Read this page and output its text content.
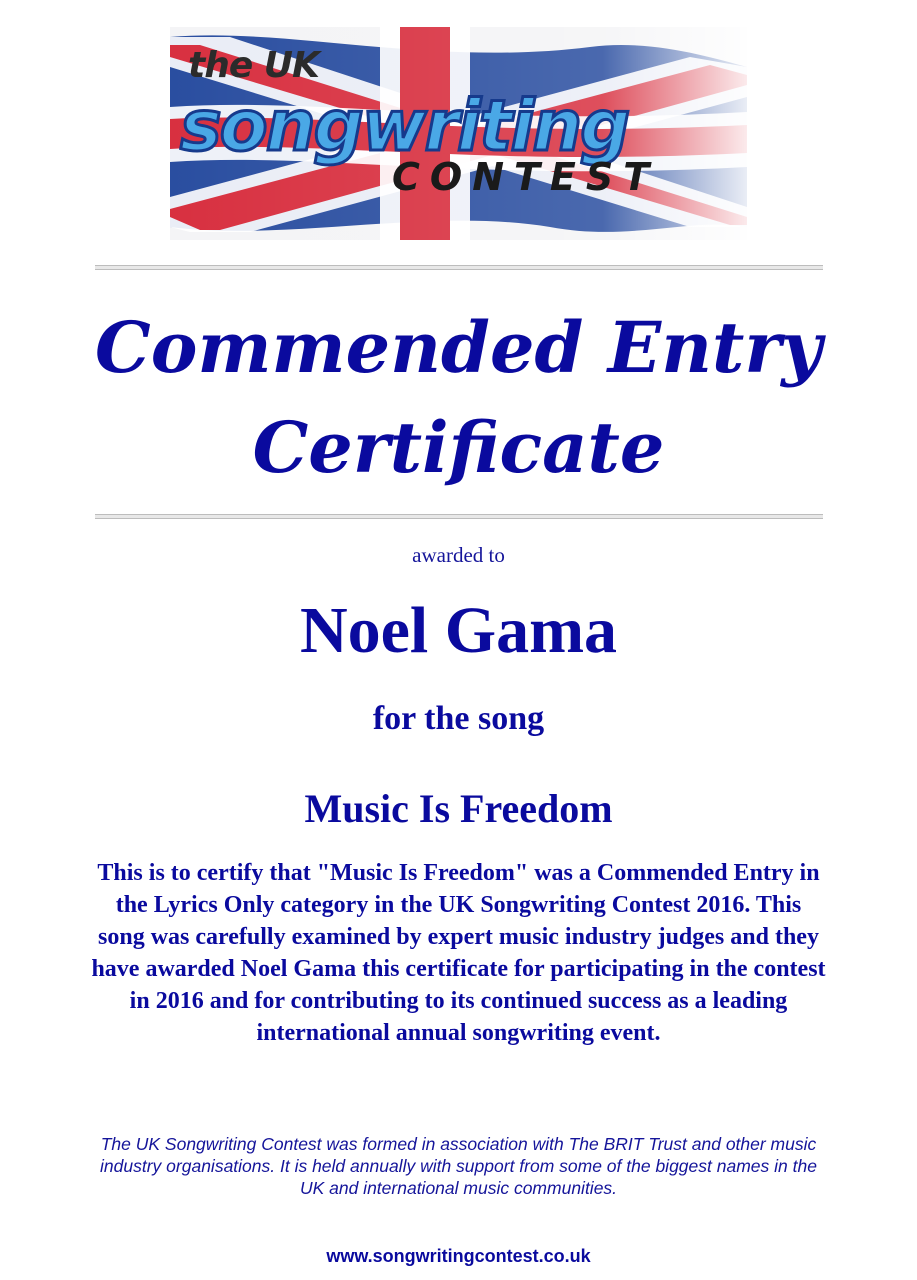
the UK
songwriting
CONTEST
Commended Entry
Certificate
awarded to
Noel Gama
for the song
Music Is Freedom
This is to certify that "Music Is Freedom" was a Commended Entry in the Lyrics Only category in the UK Songwriting Contest 2016. This song was carefully examined by expert music industry judges and they have awarded Noel Gama this certificate for participating in the contest in 2016 and for contributing to its continued success as a leading international annual songwriting event.
The UK Songwriting Contest was formed in association with The BRIT Trust and other music industry organisations. It is held annually with support from some of the biggest names in the UK and international music communities.
www.songwritingcontest.co.uk
